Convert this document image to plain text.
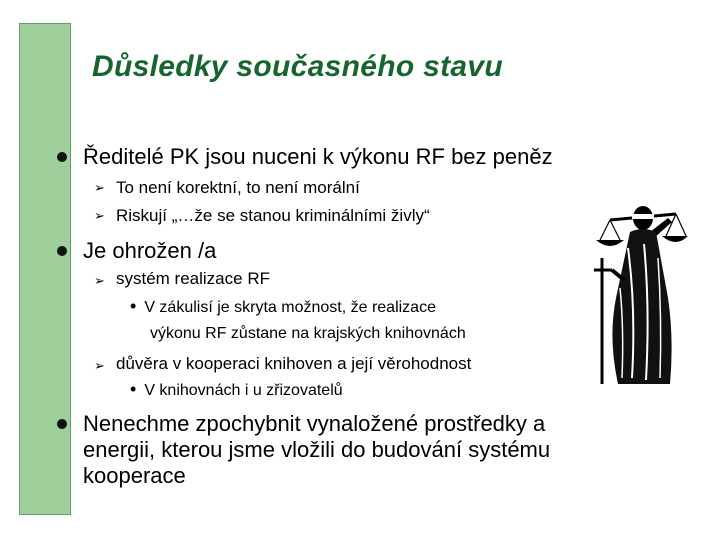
Důsledky současného stavu
Ředitelé PK jsou nuceni k výkonu RF bez peněz
➢ To není korektní, to není morální
➢ Riskují „…že se stanou kriminálními živly“
Je ohrožen /a
➢ systém realizace RF
• V zákulisí je skryta možnost, že realizace
výkonu RF zůstane na krajských knihovnách
➢ důvěra v kooperaci knihoven a její věrohodnost
• V knihovnách i u zřizovatelů
Nenechme zpochybnit vynaložené prostředky a
energii, kterou jsme vložili do budování systému
kooperace
